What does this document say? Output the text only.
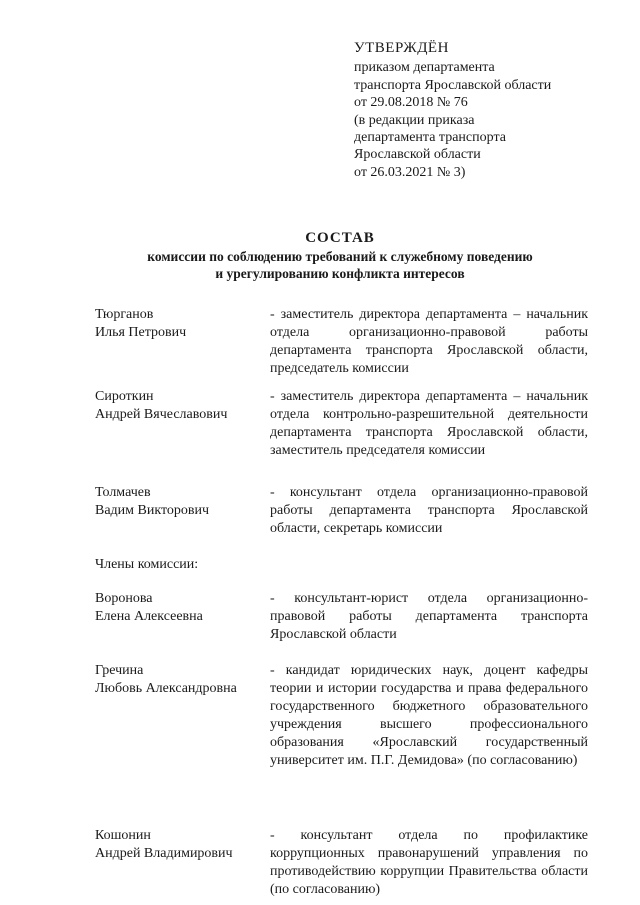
УТВЕРЖДЁН
приказом департамента
транспорта Ярославской области
от 29.08.2018 № 76
(в редакции приказа
департамента транспорта
Ярославской области
от 26.03.2021 № 3)
СОСТАВ
комиссии по соблюдению требований к служебному поведению
и урегулированию конфликта интересов
Тюрганов
Илья Петрович
- заместитель директора департамента – начальник отдела организационно-правовой работы департамента транспорта Ярославской области, председатель комиссии
Сироткин
Андрей Вячеславович
- заместитель директора департамента – начальник отдела контрольно-разрешительной деятельности департамента транспорта Ярославской области, заместитель председателя комиссии
Толмачев
Вадим Викторович
- консультант отдела организационно-правовой работы департамента транспорта Ярославской области, секретарь комиссии
Члены комиссии:
Воронова
Елена Алексеевна
- консультант-юрист отдела организационно-правовой работы департамента транспорта Ярославской области
Гречина
Любовь Александровна
- кандидат юридических наук, доцент кафедры теории и истории государства и права федерального государственного бюджетного образовательного учреждения высшего профессионального образования «Ярославский государственный университет им. П.Г. Демидова» (по согласованию)
Кошонин
Андрей Владимирович
- консультант отдела по профилактике коррупционных правонарушений управления по противодействию коррупции Правительства области (по согласованию)
